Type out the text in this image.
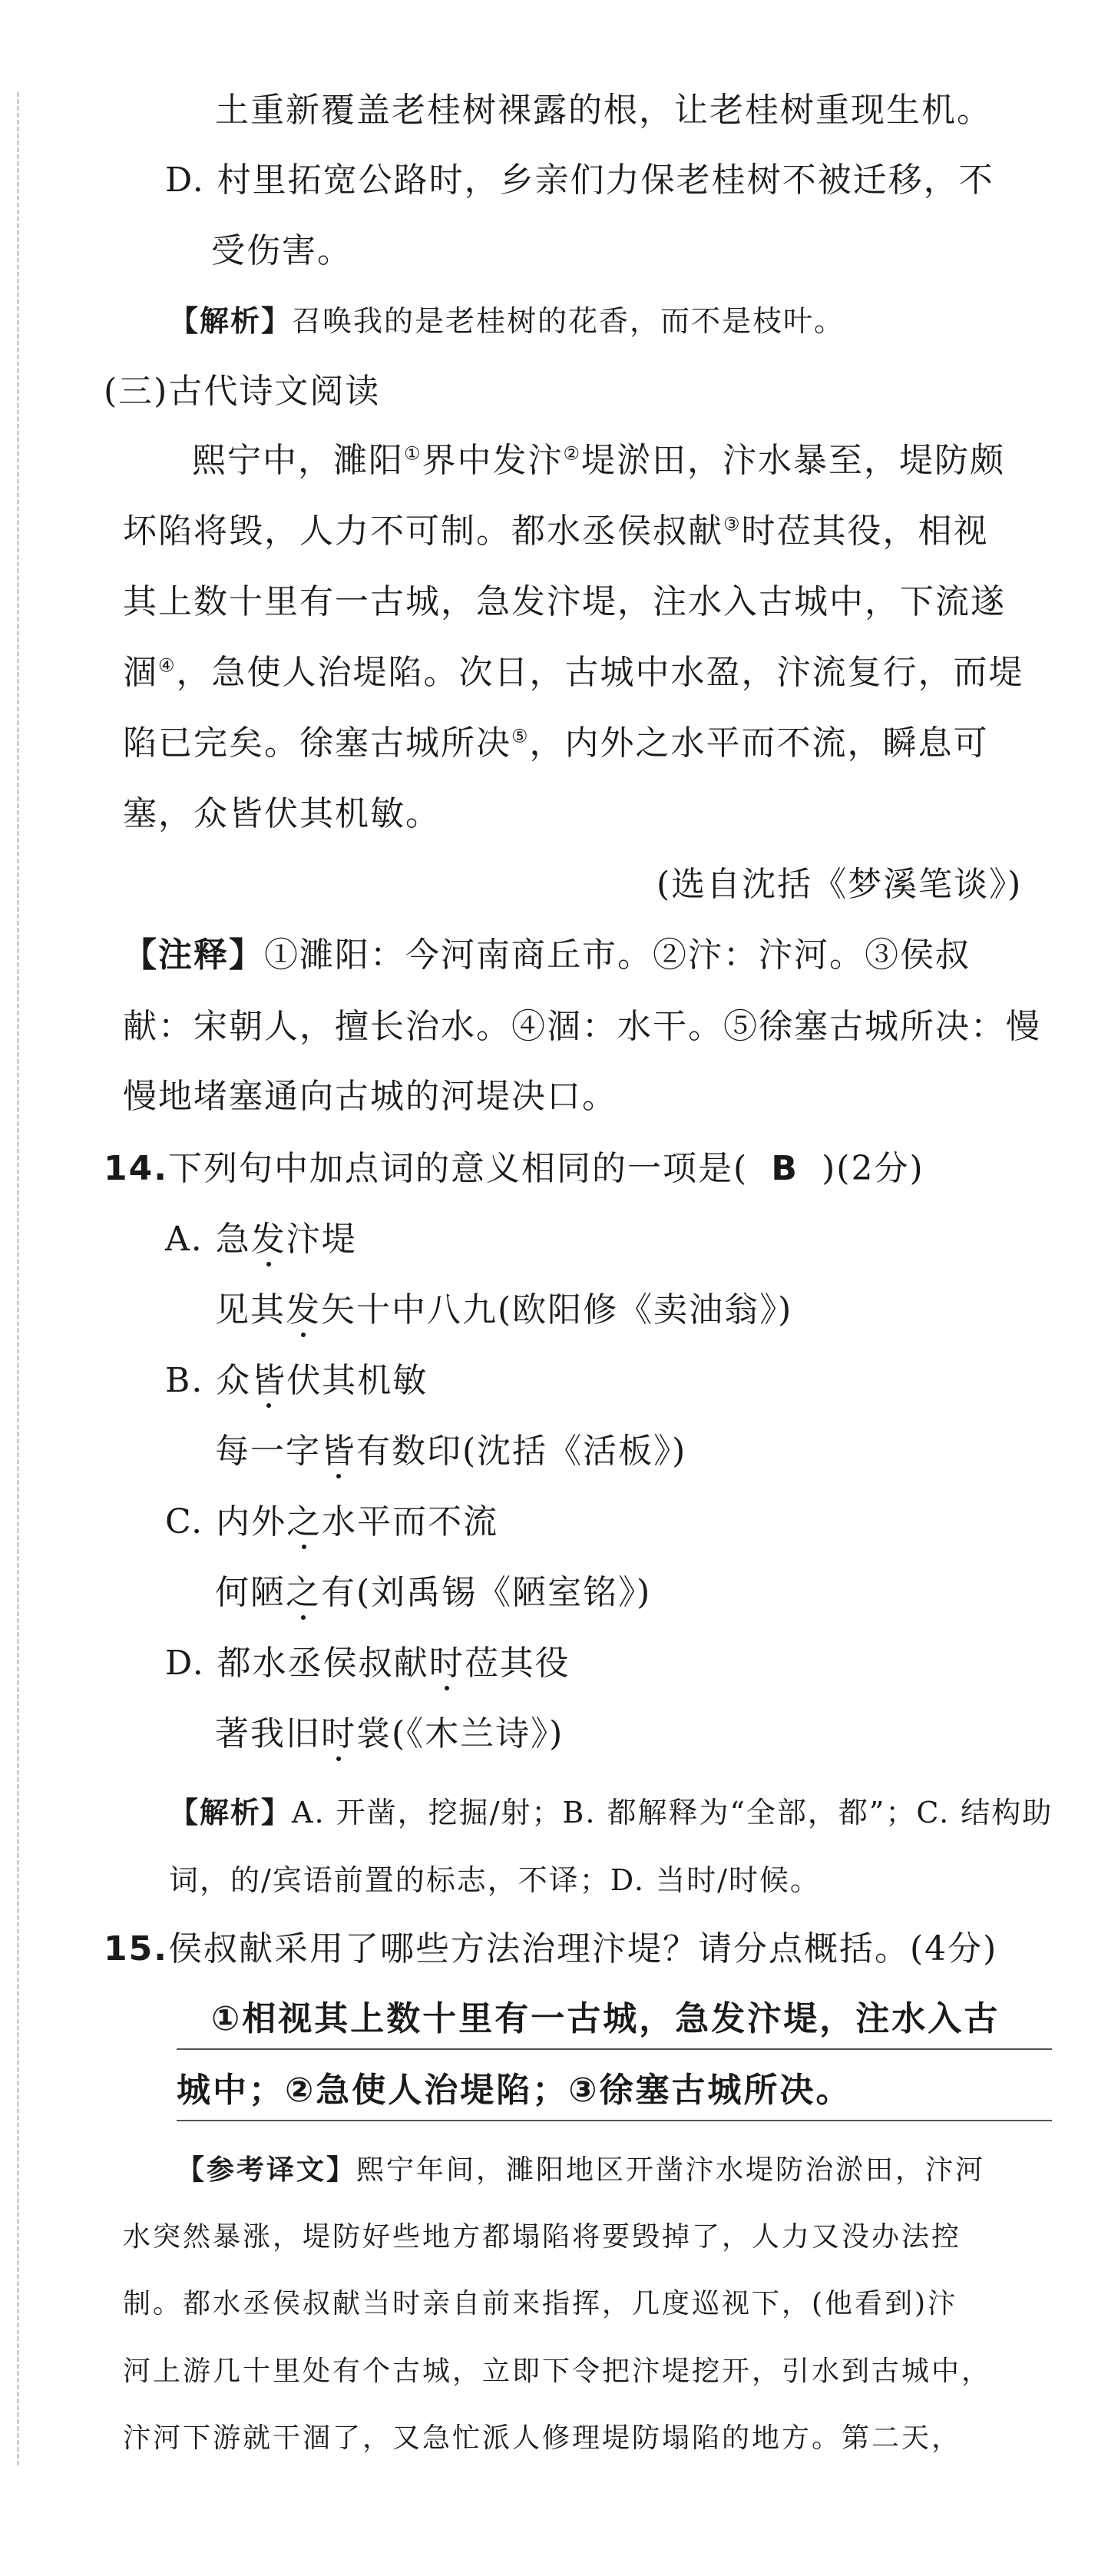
土重新覆盖老桂树裸露的根，让老桂树重现生机。
D. 村里拓宽公路时，乡亲们力保老桂树不被迁移，不
受伤害。
【解析】召唤我的是老桂树的花香，而不是枝叶。
(三)古代诗文阅读
熙宁中，濉阳①界中发汴②堤淤田，汴水暴至，堤防颇
坏陷将毁，人力不可制。都水丞侯叔献③时莅其役，相视
其上数十里有一古城，急发汴堤，注水入古城中，下流遂
涸④，急使人治堤陷。次日，古城中水盈，汴流复行，而堤
陷已完矣。徐塞古城所决⑤，内外之水平而不流，瞬息可
塞，众皆伏其机敏。
(选自沈括《梦溪笔谈》)
【注释】①濉阳：今河南商丘市。②汴：汴河。③侯叔
献：宋朝人，擅长治水。④涸：水干。⑤徐塞古城所决：慢
慢地堵塞通向古城的河堤决口。
14.下列句中加点词的意义相同的一项是( B )(2分)
A. 急发汴堤
见其发矢十中八九(欧阳修《卖油翁》)
B. 众皆伏其机敏
每一字皆有数印(沈括《活板》)
C. 内外之水平而不流
何陋之有(刘禹锡《陋室铭》)
D. 都水丞侯叔献时莅其役
著我旧时裳(《木兰诗》)
【解析】A. 开凿，挖掘/射；B. 都解释为“全部，都”；C. 结构助
词，的/宾语前置的标志，不译；D. 当时/时候。
15.侯叔献采用了哪些方法治理汴堤？请分点概括。(4分)
①相视其上数十里有一古城，急发汴堤，注水入古
城中；②急使人治堤陷；③徐塞古城所决。
【参考译文】熙宁年间，濉阳地区开凿汴水堤防治淤田，汴河
水突然暴涨，堤防好些地方都塌陷将要毁掉了，人力又没办法控
制。都水丞侯叔献当时亲自前来指挥，几度巡视下，(他看到)汴
河上游几十里处有个古城，立即下令把汴堤挖开，引水到古城中，
汴河下游就干涸了，又急忙派人修理堤防塌陷的地方。第二天，
